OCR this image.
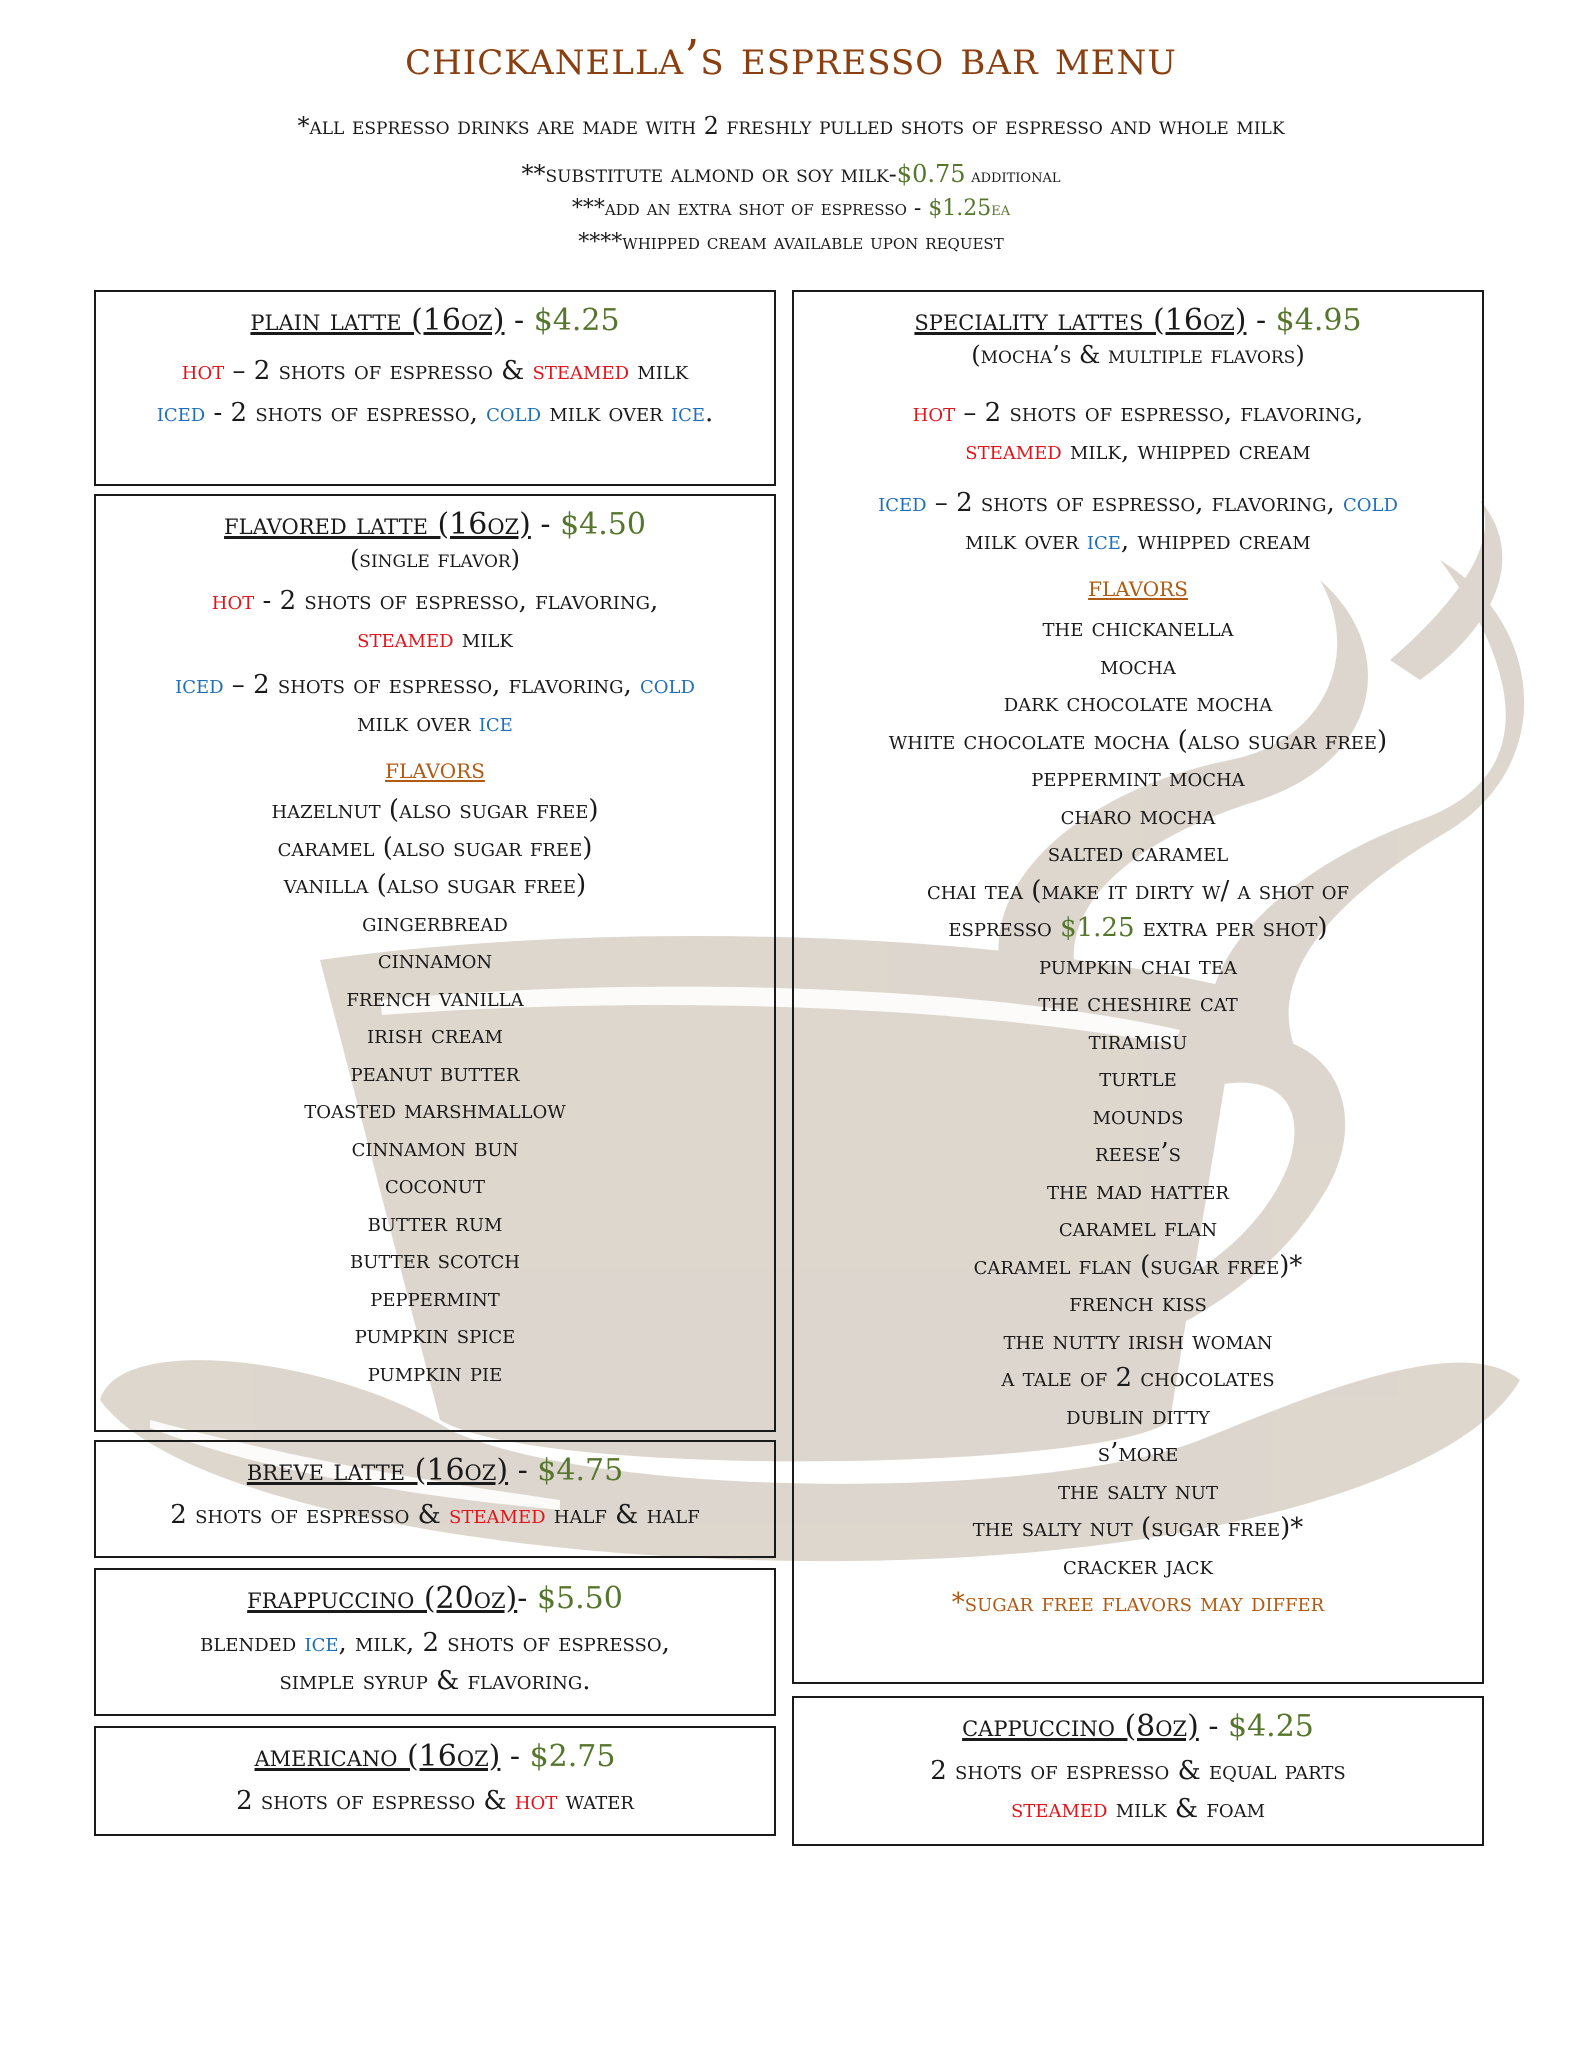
chickanella’s espresso bar menu
*all espresso drinks are made with 2 freshly pulled shots of espresso and whole milk
**substitute almond or soy milk-$0.75 additional
***add an extra shot of espresso - $1.25ea
****whipped cream available upon request
plain latte (16oz) - $4.25

hot – 2 shots of espresso & steamed milk

iced - 2 shots of espresso, cold milk over ice.

flavored latte (16oz) - $4.50
(single flavor)

hot - 2 shots of espresso, flavoring,
steamed milk

iced – 2 shots of espresso, flavoring, cold
milk over ice

flavors
hazelnut (also sugar free)
caramel (also sugar free)
vanilla (also sugar free)
gingerbread
cinnamon
french vanilla
irish cream
peanut butter
toasted marshmallow
cinnamon bun
coconut
butter rum
butter scotch
peppermint
pumpkin spice
pumpkin pie
breve latte (16oz) - $4.75

2 shots of espresso & steamed half & half

frappuccino (20oz)- $5.50

blended ice, milk, 2 shots of espresso,
simple syrup & flavoring.

americano (16oz) - $2.75

2 shots of espresso & hot water

speciality lattes (16oz) - $4.95
(mocha’s & multiple flavors)

hot – 2 shots of espresso, flavoring,
steamed milk, whipped cream

iced – 2 shots of espresso, flavoring, cold
milk over ice, whipped cream

flavors
the chickanella
mocha
dark chocolate mocha
white chocolate mocha (also sugar free)
peppermint mocha
charo mocha
salted caramel
chai tea (make it dirty w/ a shot of
espresso $1.25 extra per shot)
pumpkin chai tea
the cheshire cat
tiramisu
turtle
mounds
reese’s
the mad hatter
caramel flan
caramel flan (sugar free)*
french kiss
the nutty irish woman
a tale of 2 chocolates
dublin ditty
s’more
the salty nut
the salty nut (sugar free)*
cracker jack
*sugar free flavors may differ
cappuccino (8oz) - $4.25

2 shots of espresso & equal parts
steamed milk & foam
